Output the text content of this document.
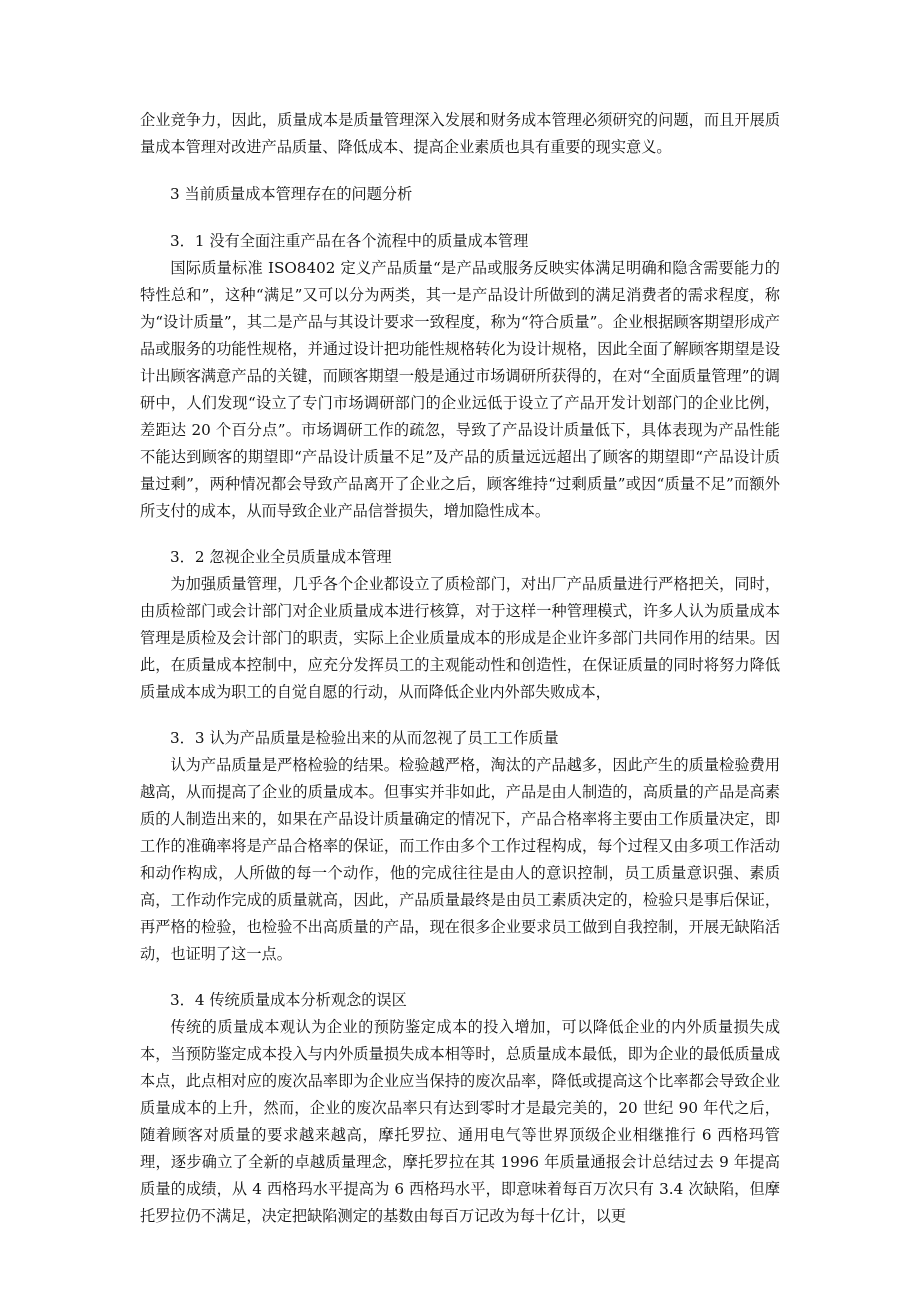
企业竞争力，因此，质量成本是质量管理深入发展和财务成本管理必须研究的问题，而且开展质量成本管理对改进产品质量、降低成本、提高企业素质也具有重要的现实意义。

3 当前质量成本管理存在的问题分析

3．1 没有全面注重产品在各个流程中的质量成本管理

国际质量标准 ISO8402 定义产品质量“是产品或服务反映实体满足明确和隐含需要能力的特性总和”，这种“满足”又可以分为两类，其一是产品设计所做到的满足消费者的需求程度，称为“设计质量”，其二是产品与其设计要求一致程度，称为“符合质量”。企业根据顾客期望形成产品或服务的功能性规格，并通过设计把功能性规格转化为设计规格，因此全面了解顾客期望是设计出顾客满意产品的关键，而顾客期望一般是通过市场调研所获得的，在对“全面质量管理”的调研中，人们发现“设立了专门市场调研部门的企业远低于设立了产品开发计划部门的企业比例，差距达 20 个百分点”。市场调研工作的疏忽，导致了产品设计质量低下，具体表现为产品性能不能达到顾客的期望即“产品设计质量不足”及产品的质量远远超出了顾客的期望即“产品设计质量过剩”，两种情况都会导致产品离开了企业之后，顾客维持“过剩质量”或因“质量不足”而额外所支付的成本，从而导致企业产品信誉损失，增加隐性成本。

3．2 忽视企业全员质量成本管理

为加强质量管理，几乎各个企业都设立了质检部门，对出厂产品质量进行严格把关，同时，由质检部门或会计部门对企业质量成本进行核算，对于这样一种管理模式，许多人认为质量成本管理是质检及会计部门的职责，实际上企业质量成本的形成是企业许多部门共同作用的结果。因此，在质量成本控制中，应充分发挥员工的主观能动性和创造性，在保证质量的同时将努力降低质量成本成为职工的自觉自愿的行动，从而降低企业内外部失败成本，

3．3 认为产品质量是检验出来的从而忽视了员工工作质量

认为产品质量是严格检验的结果。检验越严格，淘汰的产品越多，因此产生的质量检验费用越高，从而提高了企业的质量成本。但事实并非如此，产品是由人制造的，高质量的产品是高素质的人制造出来的，如果在产品设计质量确定的情况下，产品合格率将主要由工作质量决定，即工作的准确率将是产品合格率的保证，而工作由多个工作过程构成，每个过程又由多项工作活动和动作构成，人所做的每一个动作，他的完成往往是由人的意识控制，员工质量意识强、素质高，工作动作完成的质量就高，因此，产品质量最终是由员工素质决定的，检验只是事后保证，再严格的检验，也检验不出高质量的产品，现在很多企业要求员工做到自我控制，开展无缺陷活动，也证明了这一点。

3．4 传统质量成本分析观念的误区

传统的质量成本观认为企业的预防鉴定成本的投入增加，可以降低企业的内外质量损失成本，当预防鉴定成本投入与内外质量损失成本相等时，总质量成本最低，即为企业的最低质量成本点，此点相对应的废次品率即为企业应当保持的废次品率，降低或提高这个比率都会导致企业质量成本的上升，然而，企业的废次品率只有达到零时才是最完美的，20 世纪 90 年代之后，随着顾客对质量的要求越来越高，摩托罗拉、通用电气等世界顶级企业相继推行 6 西格玛管理，逐步确立了全新的卓越质量理念，摩托罗拉在其 1996 年质量通报会计总结过去 9 年提高质量的成绩，从 4 西格玛水平提高为 6 西格玛水平，即意味着每百万次只有 3.4 次缺陷，但摩托罗拉仍不满足，决定把缺陷测定的基数由每百万记改为每十亿计，以更
